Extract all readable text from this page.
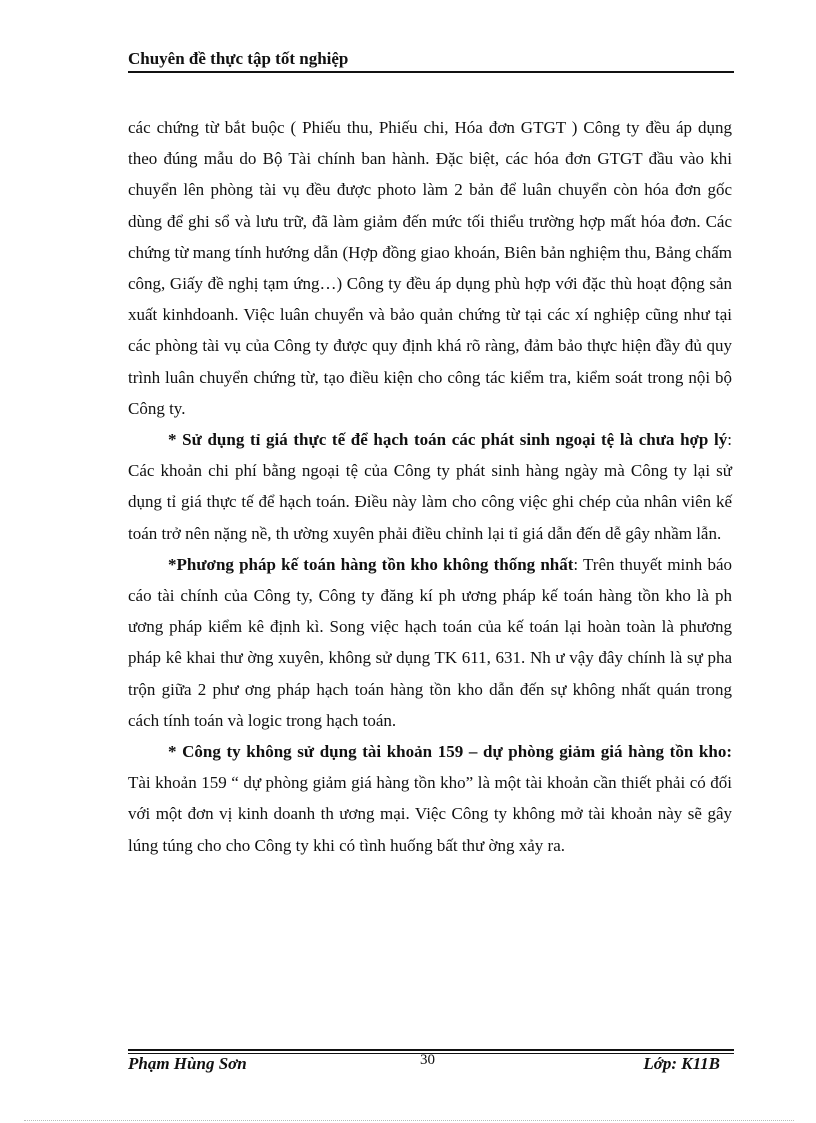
Chuyên đề thực tập tốt nghiệp

các chứng từ bắt buộc ( Phiếu thu, Phiếu chi, Hóa đơn GTGT ) Công ty đều áp dụng theo đúng mẫu do Bộ Tài chính ban hành. Đặc biệt, các hóa đơn GTGT đầu vào khi chuyển lên phòng tài vụ đều được photo làm 2 bản để luân chuyển còn hóa đơn gốc dùng để ghi sổ và lưu trữ, đã làm giảm đến mức tối thiểu trường hợp mất hóa đơn. Các chứng từ mang tính hướng dẫn (Hợp đồng giao khoán, Biên bản nghiệm thu, Bảng chấm công, Giấy đề nghị tạm ứng…) Công ty đều áp dụng phù hợp với đặc thù hoạt động sản xuất kinhdoanh. Việc luân chuyển và bảo quản chứng từ tại các xí nghiệp cũng như tại các phòng tài vụ của Công ty được quy định khá rõ ràng, đảm bảo thực hiện đầy đủ quy trình luân chuyển chứng từ, tạo điều kiện cho công tác kiểm tra, kiểm soát trong nội bộ Công ty.

* Sử dụng tỉ giá thực tế để hạch toán các phát sinh ngoại tệ là chưa hợp lý: Các khoản chi phí bằng ngoại tệ của Công ty phát sinh hàng ngày mà Công ty lại sử dụng tỉ giá thực tế để hạch toán. Điều này làm cho công việc ghi chép của nhân viên kế toán trở nên nặng nề, th ường xuyên phải điều chỉnh lại tỉ giá dẫn đến dễ gây nhầm lẫn.

*Phương pháp kế toán hàng tồn kho không thống nhất: Trên thuyết minh báo cáo tài chính của Công ty, Công ty đăng kí ph ương pháp kế toán hàng tồn kho là ph ương pháp kiểm kê định kì. Song việc hạch toán của kế toán lại hoàn toàn là phương pháp kê khai thư ờng xuyên, không sử dụng TK 611, 631. Nh ư vậy đây chính là sự pha trộn giữa 2 phư ơng pháp hạch toán hàng tồn kho dẫn đến sự không nhất quán trong cách tính toán và logic trong hạch toán.

* Công ty không sử dụng tài khoản 159 – dự phòng giảm giá hàng tồn kho: Tài khoản 159 “ dự phòng giảm giá hàng tồn kho” là một tài khoản cần thiết phải có đối với một đơn vị kinh doanh th ương mại. Việc Công ty không mở tài khoản này sẽ gây lúng túng cho cho Công ty khi có tình huống bất thư ờng xảy ra.

Phạm Hùng Sơn	30	Lớp: K11B
